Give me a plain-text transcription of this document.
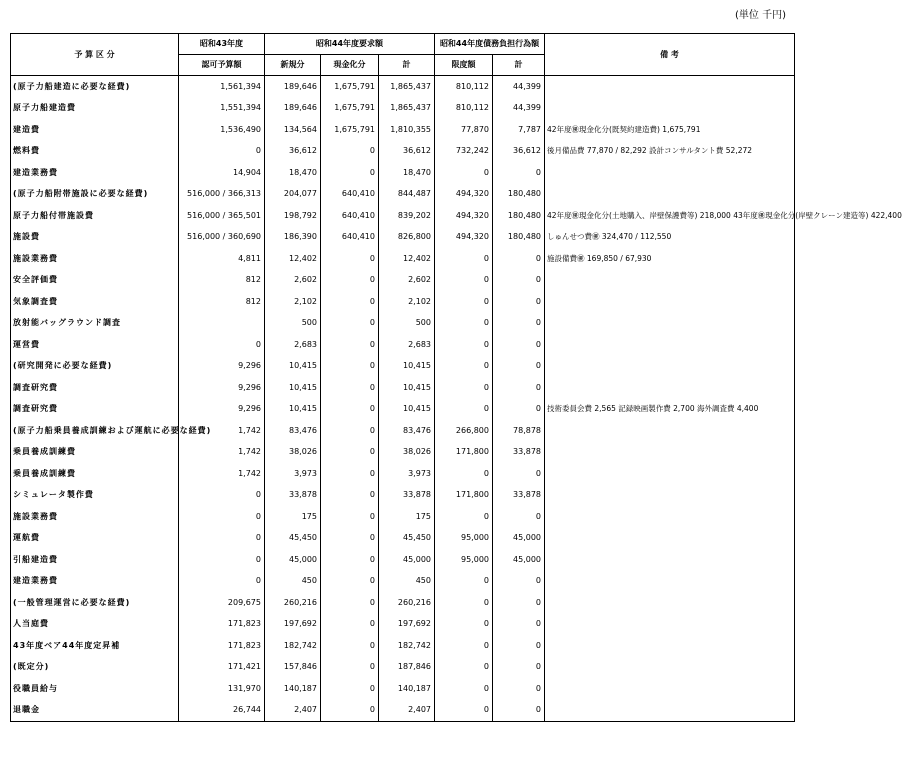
(単位 千円)
予 算 区 分	昭和43年度	昭和44年度要求額			昭和44年度債務負担行為額		備 考
	認可予算額	新規分	現金化分	計	限度額	計	
(原子力船建造に必要な経費)	1,561,394	189,646	1,675,791	1,865,437	810,112	44,399	
原子力船建造費	1,551,394	189,646	1,675,791	1,865,437	810,112	44,399	
建造費	1,536,490	134,564	1,675,791	1,810,355	77,870	7,787	42年度㊝現金化分(既契約建造費) 1,675,791
燃料費	0	36,612	0	36,612	732,242	36,612	後月備品費 77,870 / 82,292 設計コンサルタント費 52,272
建造業務費	14,904	18,470	0	18,470	0	0	
(原子力船附帯施設に必要な経費)	516,000 / 366,313	204,077	640,410	844,487	494,320	180,480	
原子力船付帯施設費	516,000 / 365,501	198,792	640,410	839,202	494,320	180,480	42年度㊝現金化分(土地購入、岸壁保護費等) 218,000 43年度㊝現金化分(岸壁クレーン建造等) 422,400
施設費	516,000 / 360,690	186,390	640,410	826,800	494,320	180,480	しゅんせつ費㊝ 324,470 / 112,550
施設業務費	4,811	12,402	0	12,402	0	0	施設備費㊝ 169,850 / 67,930
安全評価費	812	2,602	0	2,602	0	0	
気象調査費	812	2,102	0	2,102	0	0	
放射能バッグラウンド調査		500	0	500	0	0	
運営費	0	2,683	0	2,683	0	0	
(研究開発に必要な経費)	9,296	10,415	0	10,415	0	0	
調査研究費	9,296	10,415	0	10,415	0	0	
調査研究費	9,296	10,415	0	10,415	0	0	技術委員会費 2,565 記録映画製作費 2,700 海外調査費 4,400
(原子力船乗員養成訓練および運航に必要な経費)	1,742	83,476	0	83,476	266,800	78,878	
乗員養成訓練費	1,742	38,026	0	38,026	171,800	33,878	
乗員養成訓練費	1,742	3,973	0	3,973	0	0	
シミュレータ製作費	0	33,878	0	33,878	171,800	33,878	
施設業務費	0	175	0	175	0	0	
運航費	0	45,450	0	45,450	95,000	45,000	
引船建造費	0	45,000	0	45,000	95,000	45,000	
建造業務費	0	450	0	450	0	0	
(一般管理運営に必要な経費)	209,675	260,216	0	260,216	0	0	
人当庭費	171,823	197,692	0	197,692	0	0	
43年度ベア44年度定昇補	171,823	182,742	0	182,742	0	0	
(既定分)	171,421	157,846	0	187,846	0	0	
役職員給与	131,970	140,187	0	140,187	0	0	
退職金	26,744	2,407	0	2,407	0	0	
